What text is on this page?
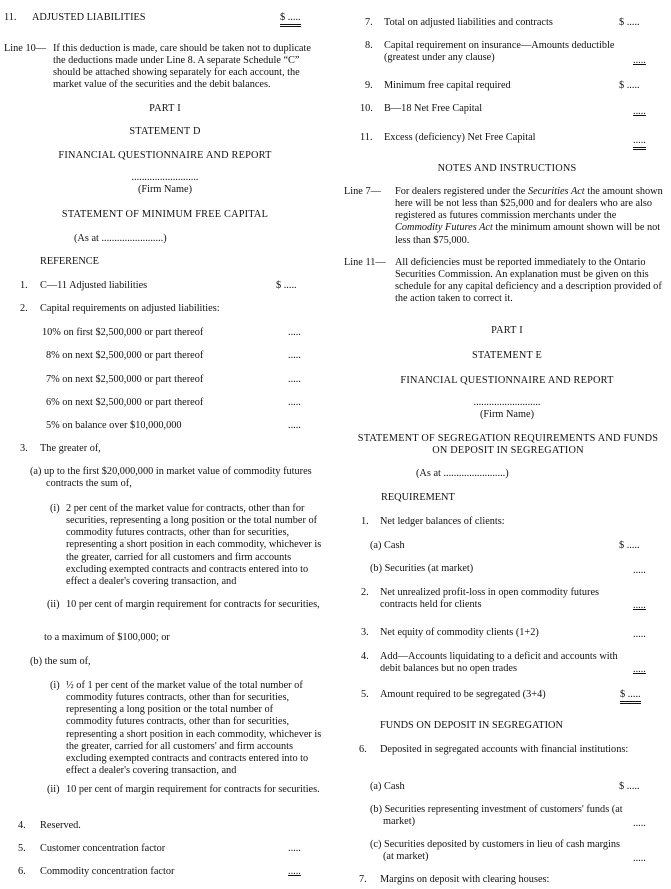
11. ADJUSTED LIABILITIES	$ .....
Line 10— If this deduction is made, care should be taken not to duplicate the deductions made under Line 8. A separate Schedule “C” should be attached showing separately for each account, the market value of the securities and the debit balances.

PART I
STATEMENT D
FINANCIAL QUESTIONNAIRE AND REPORT
..........................
(Firm Name)
STATEMENT OF MINIMUM FREE CAPITAL
(As at ........................)
REFERENCE
1. C—11 Adjusted liabilities	$ .....
2. Capital requirements on adjusted liabilities:
10% on first $2,500,000 or part thereof	.....
8% on next $2,500,000 or part thereof	.....
7% on next $2,500,000 or part thereof	.....
6% on next $2,500,000 or part thereof	.....
5% on balance over $10,000,000	.....
3. The greater of,

(a) up to the first $20,000,000 in market value of commodity futures contracts the sum of,

(i) 2 per cent of the market value for contracts, other than for securities, representing a long position or the total number of commodity futures contracts, other than for securities, representing a short position in each commodity, whichever is the greater, carried for all customers and firm accounts excluding exempted contracts and contracts entered into to effect a dealer's covering transaction, and

(ii) 10 per cent of margin requirement for contracts for securities,

to a maximum of $100,000; or
(b) the sum of,
(i) ½ of 1 per cent of the market value of the total number of commodity futures contracts, other than for securities, representing a long position or the total number of commodity futures contracts, other than for securities, representing a short position in each commodity, whichever is the greater, carried for all customers' and firm accounts excluding exempted contracts and contracts entered into to effect a dealer's covering transaction, and

(ii) 10 per cent of margin requirement for contracts for securities.

4. Reserved.
5. Customer concentration factor	.....
6. Commodity concentration factor	.....
7. Total on adjusted liabilities and contracts	$ .....
8. Capital requirement on insurance—Amounts deductible (greatest under any clause)	.....
9. Minimum free capital required	$ .....
10. B—18 Net Free Capital	.....
11. Excess (deficiency) Net Free Capital	.....
NOTES AND INSTRUCTIONS
Line 7— For dealers registered under the Securities Act the amount shown here will be not less than $25,000 and for dealers who are also registered as futures commission merchants under the Commodity Futures Act the minimum amount shown will be not less than $75,000.

Line 11— All deficiencies must be reported immediately to the Ontario Securities Commission. An explanation must be given on this schedule for any capital deficiency and a description provided of the action taken to correct it.

PART I
STATEMENT E
FINANCIAL QUESTIONNAIRE AND REPORT
..........................
(Firm Name)
STATEMENT OF SEGREGATION REQUIREMENTS AND FUNDS ON DEPOSIT IN SEGREGATION
(As at ........................)
REQUIREMENT
1. Net ledger balances of clients:
(a) Cash	$ .....
(b) Securities (at market)	.....
2. Net unrealized profit-loss in open commodity futures contracts held for clients	.....
3. Net equity of commodity clients (1+2)	.....
4. Add—Accounts liquidating to a deficit and accounts with debit balances but no open trades	.....
5. Amount required to be segregated (3+4)	$ .....
FUNDS ON DEPOSIT IN SEGREGATION
6. Deposited in segregated accounts with financial institutions:

(a) Cash	$ .....

(b) Securities representing investment of customers' funds (at market)	.....

(c) Securities deposited by customers in lieu of cash margins (at market)	.....
7. Margins on deposit with clearing houses:
